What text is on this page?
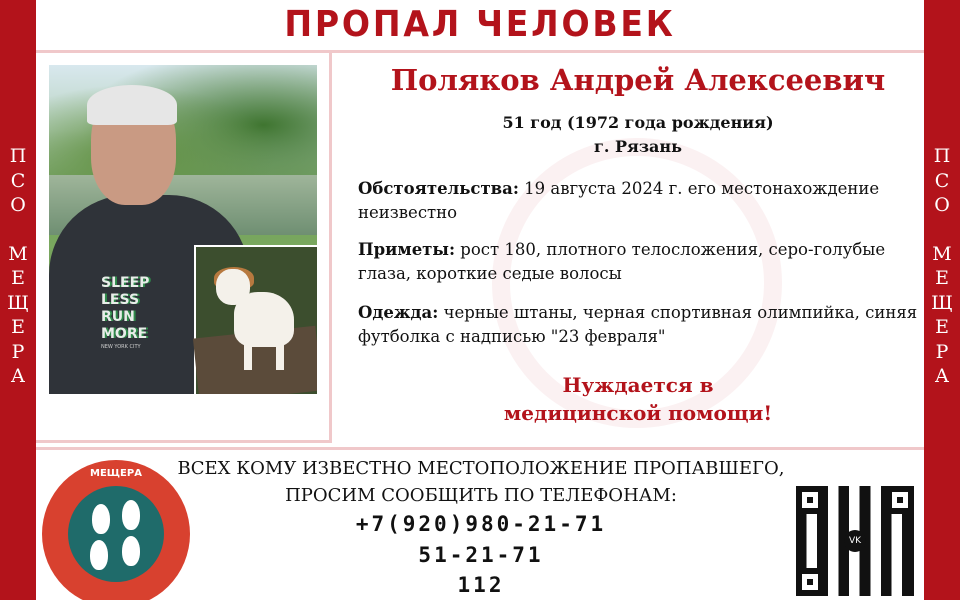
П
С
О
М
Е
Щ
Е
Р
А
П
С
О
М
Е
Щ
Е
Р
А
ПРОПАЛ ЧЕЛОВЕК
SLEEP
LESS
RUN
MORE
NEW YORK CITY
Поляков Андрей Алексеевич
51 год (1972 года рождения)
г. Рязань
Обстоятельства: 19 августа 2024 г. его местонахождение неизвестно
Приметы: рост 180, плотного телосложения, серо-голубые глаза, короткие седые волосы
Одежда: черные штаны, черная спортивная олимпийка, синяя футболка с надписью "23 февраля"
Нуждается в
медицинской помощи!
МЕЩЕРА	ВСЕХ КОМУ ИЗВЕСТНО МЕСТОПОЛОЖЕНИЕ ПРОПАВШЕГО,
ПРОСИМ СООБЩИТЬ ПО ТЕЛЕФОНАМ:
+7(920)980-21-71
51-21-71
112
VK
